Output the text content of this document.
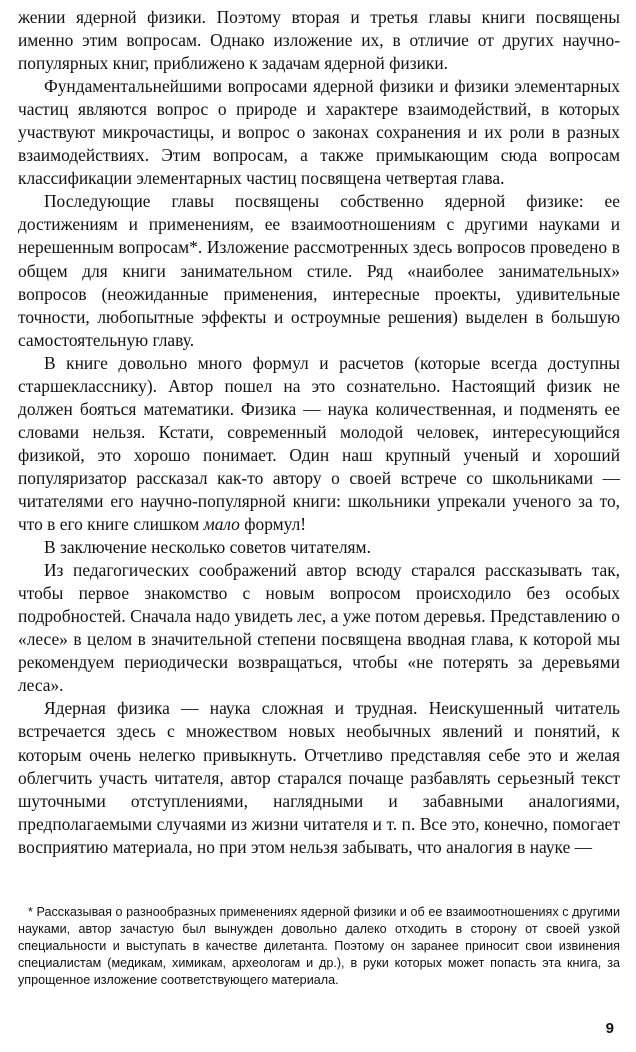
жении ядерной физики. Поэтому вторая и третья главы книги посвящены именно этим вопросам. Однако изложение их, в отличие от других научно-популярных книг, приближено к задачам ядерной физики.

Фундаментальнейшими вопросами ядерной физики и физики элементарных частиц являются вопрос о природе и характере взаимодействий, в которых участвуют микрочастицы, и вопрос о законах сохранения и их роли в разных взаимодействиях. Этим вопросам, а также примыкающим сюда вопросам классификации элементарных частиц посвящена четвертая глава.

Последующие главы посвящены собственно ядерной физике: ее достижениям и применениям, ее взаимоотношениям с другими науками и нерешенным вопросам*. Изложение рассмотренных здесь вопросов проведено в общем для книги занимательном стиле. Ряд «наиболее занимательных» вопросов (неожиданные применения, интересные проекты, удивительные точности, любопытные эффекты и остроумные решения) выделен в большую самостоятельную главу.

В книге довольно много формул и расчетов (которые всегда доступны старшекласснику). Автор пошел на это сознательно. Настоящий физик не должен бояться математики. Физика — наука количественная, и подменять ее словами нельзя. Кстати, современный молодой человек, интересующийся физикой, это хорошо понимает. Один наш крупный ученый и хороший популяризатор рассказал как-то автору о своей встрече со школьниками — читателями его научно-популярной книги: школьники упрекали ученого за то, что в его книге слишком мало формул!

В заключение несколько советов читателям.

Из педагогических соображений автор всюду старался рассказывать так, чтобы первое знакомство с новым вопросом происходило без особых подробностей. Сначала надо увидеть лес, а уже потом деревья. Представлению о «лесе» в целом в значительной степени посвящена вводная глава, к которой мы рекомендуем периодически возвращаться, чтобы «не потерять за деревьями леса».

Ядерная физика — наука сложная и трудная. Неискушенный читатель встречается здесь с множеством новых необычных явлений и понятий, к которым очень нелегко привыкнуть. Отчетливо представляя себе это и желая облегчить участь читателя, автор старался почаще разбавлять серьезный текст шуточными отступлениями, наглядными и забавными аналогиями, предполагаемыми случаями из жизни читателя и т. п. Все это, конечно, помогает восприятию материала, но при этом нельзя забывать, что аналогия в науке —

* Рассказывая о разнообразных применениях ядерной физики и об ее взаимоотношениях с другими науками, автор зачастую был вынужден довольно далеко отходить в сторону от своей узкой специальности и выступать в качестве дилетанта. Поэтому он заранее приносит свои извинения специалистам (медикам, химикам, археологам и др.), в руки которых может попасть эта книга, за упрощенное изложение соответствующего материала.

9
